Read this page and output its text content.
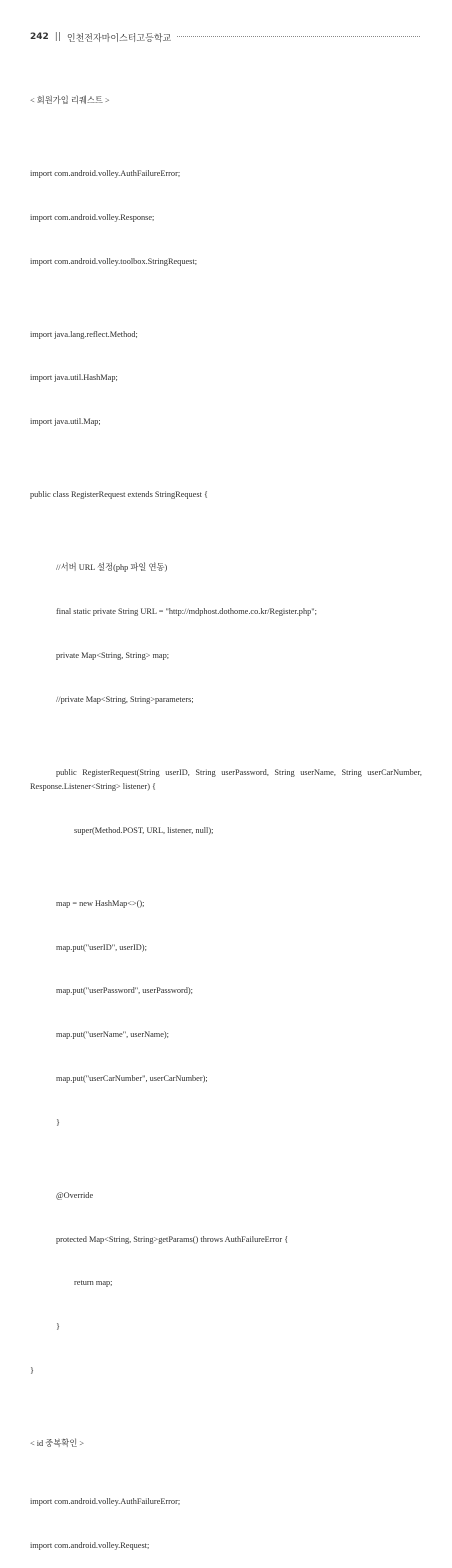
242 || 인천전자마이스터고등학교

< 회원가입 리퀘스트 >

import com.android.volley.AuthFailureError;

import com.android.volley.Response;

import com.android.volley.toolbox.StringRequest;

import java.lang.reflect.Method;

import java.util.HashMap;

import java.util.Map;

public class RegisterRequest extends StringRequest {

//서버 URL 설정(php 파일 연동)

final static private String URL = "http://mdphost.dothome.co.kr/Register.php";

private Map<String, String> map;

//private Map<String, String>parameters;

public RegisterRequest(String userID, String userPassword, String userName, String userCarNumber, Response.Listener<String> listener) {

super(Method.POST, URL, listener, null);

map = new HashMap<>();

map.put("userID", userID);

map.put("userPassword", userPassword);

map.put("userName", userName);

map.put("userCarNumber", userCarNumber);

}

@Override

protected Map<String, String>getParams() throws AuthFailureError {

return map;

}

}

< id 중복확인 >

import com.android.volley.AuthFailureError;

import com.android.volley.Request;
